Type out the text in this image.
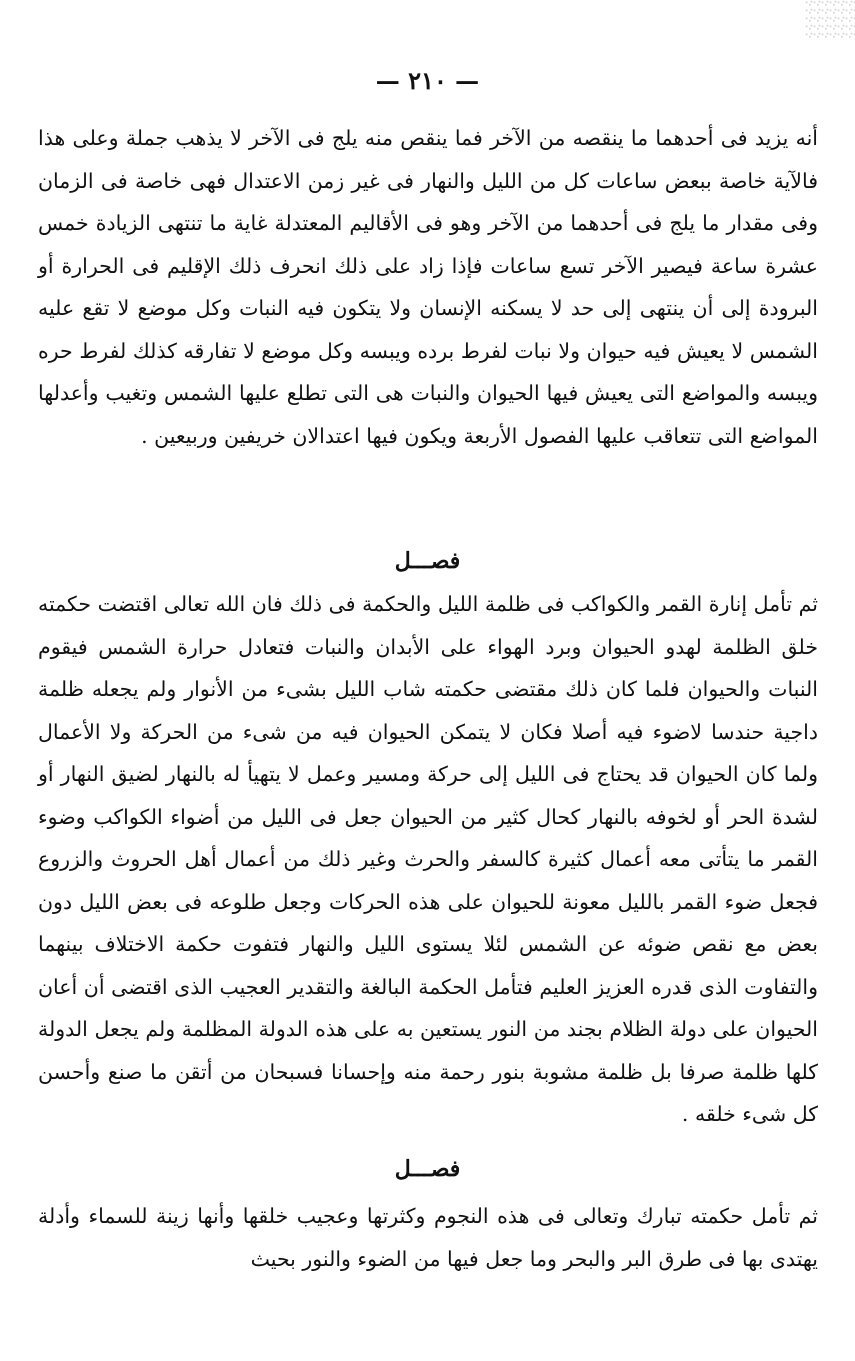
— ٢١٠ —

أنه يزيد فى أحدهما ما ينقصه من الآخر فما ينقص منه يلج فى الآخر لا يذهب جملة وعلى هذا فالآية خاصة ببعض ساعات كل من الليل والنهار فى غير زمن الاعتدال فهى خاصة فى الزمان وفى مقدار ما يلج فى أحدهما من الآخر وهو فى الأقاليم المعتدلة غاية ما تنتهى الزيادة خمس عشرة ساعة فيصير الآخر تسع ساعات فإذا زاد على ذلك انحرف ذلك الإقليم فى الحرارة أو البرودة إلى أن ينتهى إلى حد لا يسكنه الإنسان ولا يتكون فيه النبات وكل موضع لا تقع عليه الشمس لا يعيش فيه حيوان ولا نبات لفرط برده ويبسه وكل موضع لا تفارقه كذلك لفرط حره ويبسه والمواضع التى يعيش فيها الحيوان والنبات هى التى تطلع عليها الشمس وتغيب وأعدلها المواضع التى تتعاقب عليها الفصول الأربعة ويكون فيها اعتدالان خريفين وربيعين .

فصـــل

ثم تأمل إنارة القمر والكواكب فى ظلمة الليل والحكمة فى ذلك فان الله تعالى اقتضت حكمته خلق الظلمة لهدو الحيوان وبرد الهواء على الأبدان والنبات فتعادل حرارة الشمس فيقوم النبات والحيوان فلما كان ذلك مقتضى حكمته شاب الليل بشىء من الأنوار ولم يجعله ظلمة داجية حندسا لاضوء فيه أصلا فكان لا يتمكن الحيوان فيه من شىء من الحركة ولا الأعمال ولما كان الحيوان قد يحتاج فى الليل إلى حركة ومسير وعمل لا يتهيأ له بالنهار لضيق النهار أو لشدة الحر أو لخوفه بالنهار كحال كثير من الحيوان جعل فى الليل من أضواء الكواكب وضوء القمر ما يتأتى معه أعمال كثيرة كالسفر والحرث وغير ذلك من أعمال أهل الحروث والزروع فجعل ضوء القمر بالليل معونة للحيوان على هذه الحركات وجعل طلوعه فى بعض الليل دون بعض مع نقص ضوئه عن الشمس لئلا يستوى الليل والنهار فتفوت حكمة الاختلاف بينهما والتفاوت الذى قدره العزيز العليم فتأمل الحكمة البالغة والتقدير العجيب الذى اقتضى أن أعان الحيوان على دولة الظلام بجند من النور يستعين به على هذه الدولة المظلمة ولم يجعل الدولة كلها ظلمة صرفا بل ظلمة مشوبة بنور رحمة منه وإحسانا فسبحان من أتقن ما صنع وأحسن كل شىء خلقه .

فصـــل

ثم تأمل حكمته تبارك وتعالى فى هذه النجوم وكثرتها وعجيب خلقها وأنها زينة للسماء وأدلة يهتدى بها فى طرق البر والبحر وما جعل فيها من الضوء والنور بحيث
